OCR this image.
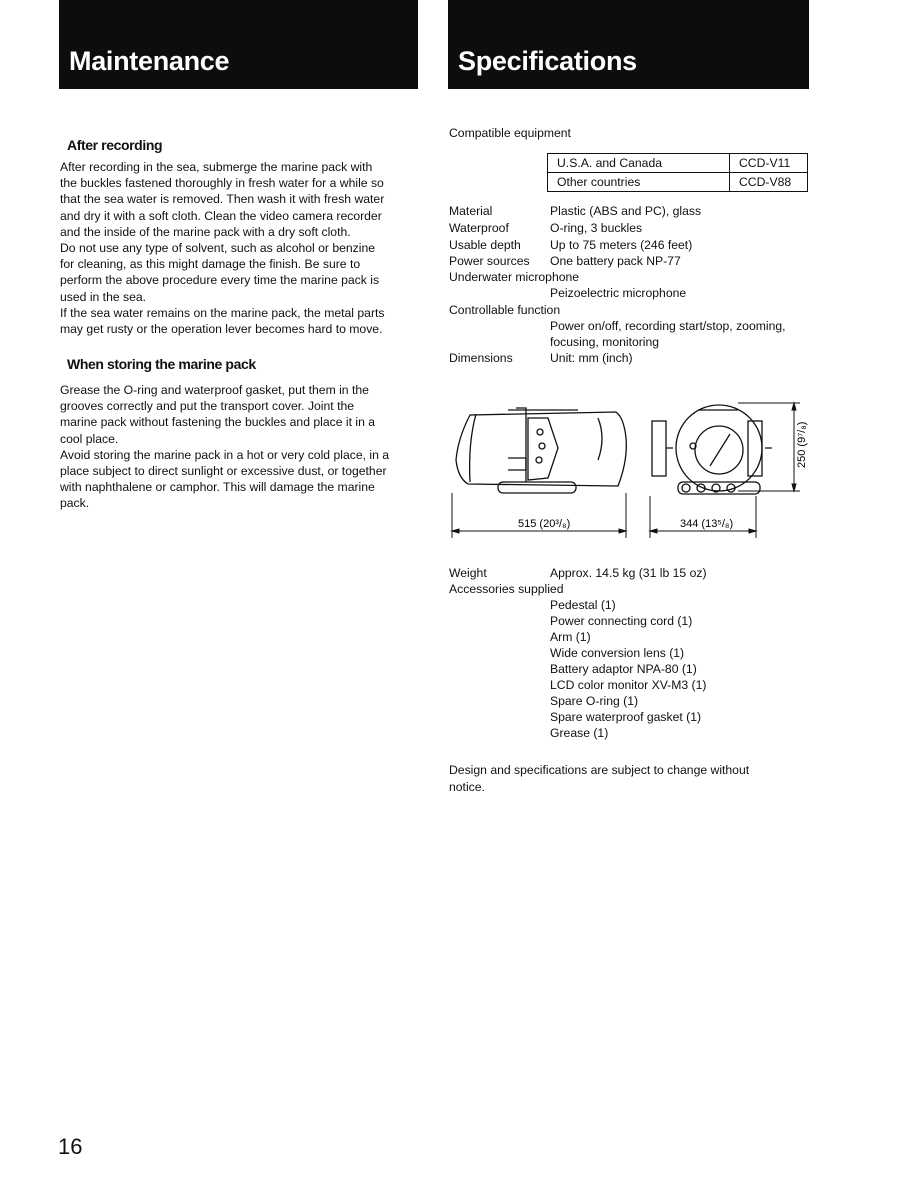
Maintenance	Specifications
After recording
After recording in the sea, submerge the marine pack with
the buckles fastened thoroughly in fresh water for a while so
that the sea water is removed. Then wash it with fresh water
and dry it with a soft cloth. Clean the video camera recorder
and the inside of the marine pack with a dry soft cloth.
Do not use any type of solvent, such as alcohol or benzine
for cleaning, as this might damage the finish. Be sure to
perform the above procedure every time the marine pack is
used in the sea.
If the sea water remains on the marine pack, the metal parts
may get rusty or the operation lever becomes hard to move.
When storing the marine pack
Grease the O-ring and waterproof gasket, put them in the
grooves correctly and put the transport cover. Joint the
marine pack without fastening the buckles and place it in a
cool place.
Avoid storing the marine pack in a hot or very cold place, in a
place subject to direct sunlight or excessive dust, or together
with naphthalene or camphor. This will damage the marine
pack.
Compatible equipment
U.S.A. and Canada	CCD-V11
Other countries	CCD-V88
Material	Plastic (ABS and PC), glass
Waterproof	O-ring, 3 buckles
Usable depth Up to 75 meters (246 feet)
Power sources One battery pack NP-77
Underwater microphone
Peizoelectric microphone
Controllable function
Power on/off, recording start/stop, zooming,
focusing, monitoring
Dimensions	Unit: mm (inch)
515 (20³/₈)	344 (13⁵/₈)
250 (9⁷/₈)
Weight	Approx. 14.5 kg (31 lb 15 oz)
Accessories supplied
Pedestal (1)
Power connecting cord (1)
Arm (1)
Wide conversion lens (1)
Battery adaptor NPA-80 (1)
LCD color monitor XV-M3 (1)
Spare O-ring (1)
Spare waterproof gasket (1)
Grease (1)
Design and specifications are subject to change without
notice.
16
